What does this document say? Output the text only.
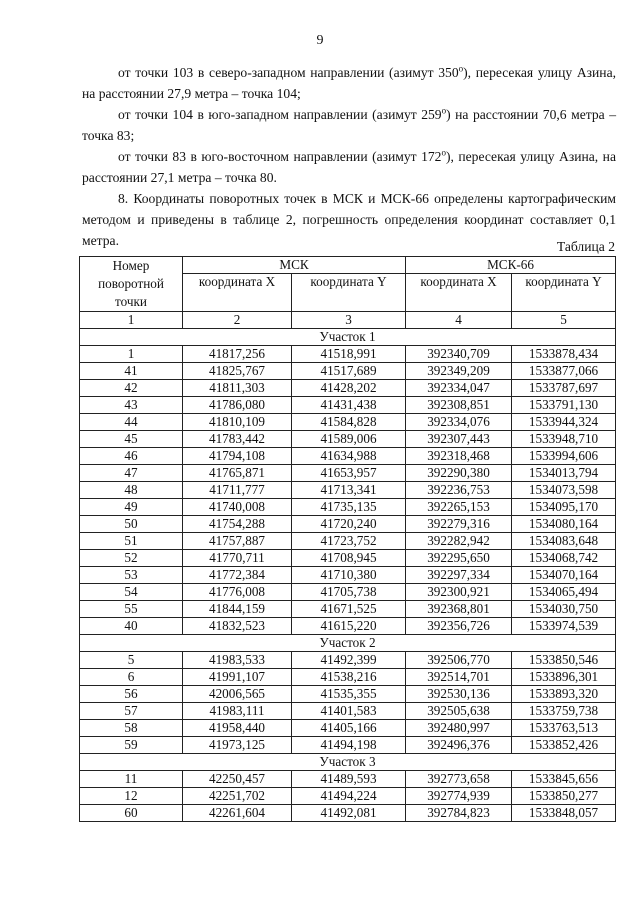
9

от точки 103 в северо-западном направлении (азимут $350^о$), пересекая улицу Азина, на расстоянии 27,9 метра – точка 104;

от точки 104 в юго-западном направлении (азимут $259^о$) на расстоянии 70,6 метра – точка 83;

от точки 83 в юго-восточном направлении (азимут $172^о$), пересекая улицу Азина, на расстоянии 27,1 метра – точка 80.

8. Координаты поворотных точек в МСК и МСК-66 определены картографическим методом и приведены в таблице 2, погрешность определения координат составляет 0,1 метра.	Таблица 2
Номер поворотной точки	МСК		МСК-66	
	координата X	координата Y	координата X	координата Y
1	2	3	4	5
Участок 1				
1	41817,256	41518,991	392340,709	1533878,434
41	41825,767	41517,689	392349,209	1533877,066
42	41811,303	41428,202	392334,047	1533787,697
43	41786,080	41431,438	392308,851	1533791,130
44	41810,109	41584,828	392334,076	1533944,324
45	41783,442	41589,006	392307,443	1533948,710
46	41794,108	41634,988	392318,468	1533994,606
47	41765,871	41653,957	392290,380	1534013,794
48	41711,777	41713,341	392236,753	1534073,598
49	41740,008	41735,135	392265,153	1534095,170
50	41754,288	41720,240	392279,316	1534080,164
51	41757,887	41723,752	392282,942	1534083,648
52	41770,711	41708,945	392295,650	1534068,742
53	41772,384	41710,380	392297,334	1534070,164
54	41776,008	41705,738	392300,921	1534065,494
55	41844,159	41671,525	392368,801	1534030,750
40	41832,523	41615,220	392356,726	1533974,539
Участок 2				
5	41983,533	41492,399	392506,770	1533850,546
6	41991,107	41538,216	392514,701	1533896,301
56	42006,565	41535,355	392530,136	1533893,320
57	41983,111	41401,583	392505,638	1533759,738
58	41958,440	41405,166	392480,997	1533763,513
59	41973,125	41494,198	392496,376	1533852,426
Участок 3				
11	42250,457	41489,593	392773,658	1533845,656
12	42251,702	41494,224	392774,939	1533850,277
60	42261,604	41492,081	392784,823	1533848,057
